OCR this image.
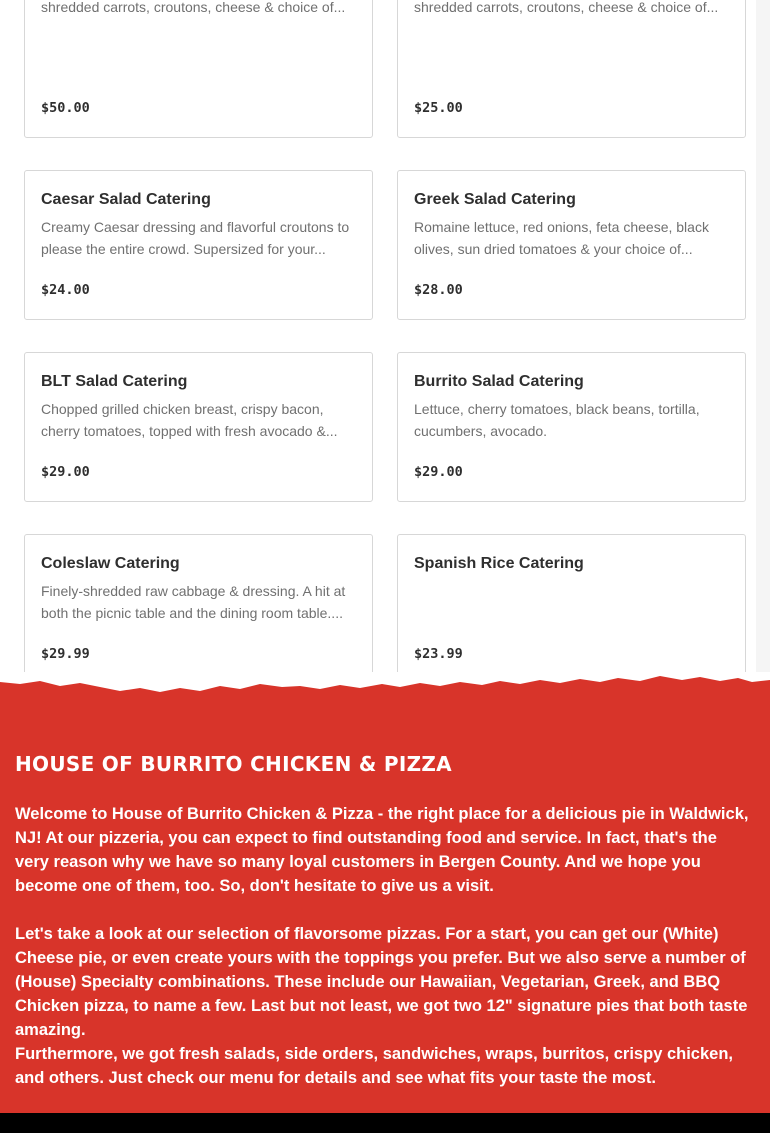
shredded carrots, croutons, cheese & choice of...
$50.00
shredded carrots, croutons, cheese & choice of...
$25.00
Caesar Salad Catering
Creamy Caesar dressing and flavorful croutons to please the entire crowd. Supersized for your...
$24.00
Greek Salad Catering
Romaine lettuce, red onions, feta cheese, black olives, sun dried tomatoes & your choice of...
$28.00
BLT Salad Catering
Chopped grilled chicken breast, crispy bacon, cherry tomatoes, topped with fresh avocado &...
$29.00
Burrito Salad Catering
Lettuce, cherry tomatoes, black beans, tortilla, cucumbers, avocado.
$29.00
Coleslaw Catering
Finely-shredded raw cabbage & dressing. A hit at both the picnic table and the dining room table....
$29.99
Spanish Rice Catering
$23.99
HOUSE OF BURRITO CHICKEN & PIZZA

Welcome to House of Burrito Chicken & Pizza - the right place for a delicious pie in Waldwick, NJ! At our pizzeria, you can expect to find outstanding food and service. In fact, that's the very reason why we have so many loyal customers in Bergen County. And we hope you become one of them, too. So, don't hesitate to give us a visit.

Let's take a look at our selection of flavorsome pizzas. For a start, you can get our (White) Cheese pie, or even create yours with the toppings you prefer. But we also serve a number of (House) Specialty combinations. These include our Hawaiian, Vegetarian, Greek, and BBQ Chicken pizza, to name a few. Last but not least, we got two 12" signature pies that both taste amazing.

Furthermore, we got fresh salads, side orders, sandwiches, wraps, burritos, crispy chicken, and others. Just check our menu for details and see what fits your taste the most.
